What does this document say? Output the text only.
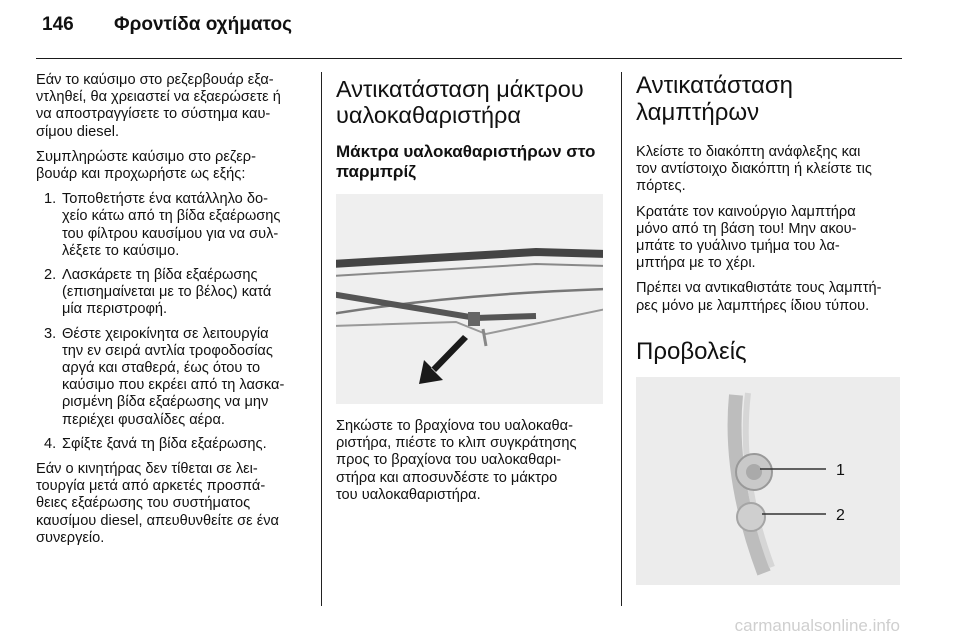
146 Φροντίδα οχήματος

Εάν το καύσιμο στο ρεζερβουάρ εξα-
ντληθεί, θα χρειαστεί να εξαερώσετε ή
να αποστραγγίσετε το σύστημα καυ-
σίμου diesel.

Συμπληρώστε καύσιμο στο ρεζερ-
βουάρ και προχωρήστε ως εξής:

1. Τοποθετήστε ένα κατάλληλο δο-
χείο κάτω από τη βίδα εξαέρωσης
του φίλτρου καυσίμου για να συλ-
λέξετε το καύσιμο.
2. Λασκάρετε τη βίδα εξαέρωσης
(επισημαίνεται με το βέλος) κατά
μία περιστροφή.
3. Θέστε χειροκίνητα σε λειτουργία
την εν σειρά αντλία τροφοδοσίας
αργά και σταθερά, έως ότου το
καύσιμο που εκρέει από τη λασκα-
ρισμένη βίδα εξαέρωσης να μην
περιέχει φυσαλίδες αέρα.
4. Σφίξτε ξανά τη βίδα εξαέρωσης.

Εάν ο κινητήρας δεν τίθεται σε λει-
τουργία μετά από αρκετές προσπά-
θειες εξαέρωσης του συστήματος
καυσίμου diesel, απευθυνθείτε σε ένα
συνεργείο.

Αντικατάσταση μάκτρου
υαλοκαθαριστήρα
Μάκτρα υαλοκαθαριστήρων στο
παρμπρίζ

Σηκώστε το βραχίονα του υαλοκαθα-
ριστήρα, πιέστε το κλιπ συγκράτησης
προς το βραχίονα του υαλοκαθαρι-
στήρα και αποσυνδέστε το μάκτρο
του υαλοκαθαριστήρα.

Αντικατάσταση
λαμπτήρων

Κλείστε το διακόπτη ανάφλεξης και
τον αντίστοιχο διακόπτη ή κλείστε τις
πόρτες.

Κρατάτε τον καινούργιο λαμπτήρα
μόνο από τη βάση του! Μην ακου-
μπάτε το γυάλινο τμήμα του λα-
μπτήρα με το χέρι.

Πρέπει να αντικαθιστάτε τους λαμπτή-
ρες μόνο με λαμπτήρες ίδιου τύπου.

Προβολείς
1
2
carmanualsonline.info
